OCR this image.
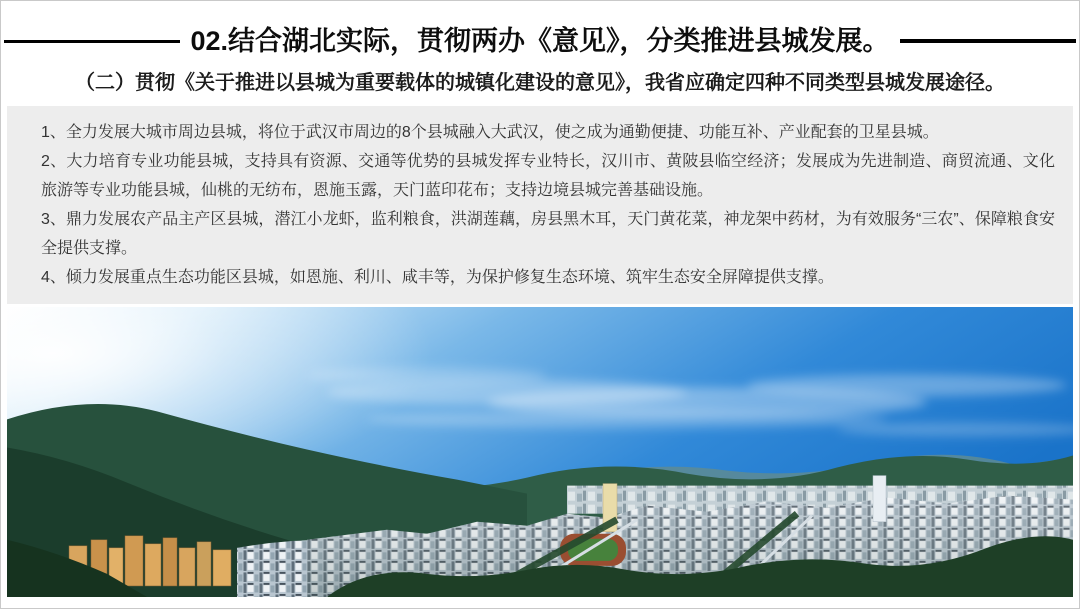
02.结合湖北实际，贯彻两办《意见》，分类推进县城发展。
（二）贯彻《关于推进以县城为重要载体的城镇化建设的意见》，我省应确定四种不同类型县城发展途径。

1、全力发展大城市周边县城，将位于武汉市周边的8个县城融入大武汉，使之成为通勤便捷、功能互补、产业配套的卫星县城。

2、大力培育专业功能县城，支持具有资源、交通等优势的县城发挥专业特长，汉川市、黄陂县临空经济；发展成为先进制造、商贸流通、文化旅游等专业功能县城，仙桃的无纺布，恩施玉露，天门蓝印花布；支持边境县城完善基础设施。

3、鼎力发展农产品主产区县城，潜江小龙虾，监利粮食，洪湖莲藕，房县黑木耳，天门黄花菜，神龙架中药材，为有效服务“三农”、保障粮食安全提供支撑。

4、倾力发展重点生态功能区县城，如恩施、利川、咸丰等，为保护修复生态环境、筑牢生态安全屏障提供支撑。
